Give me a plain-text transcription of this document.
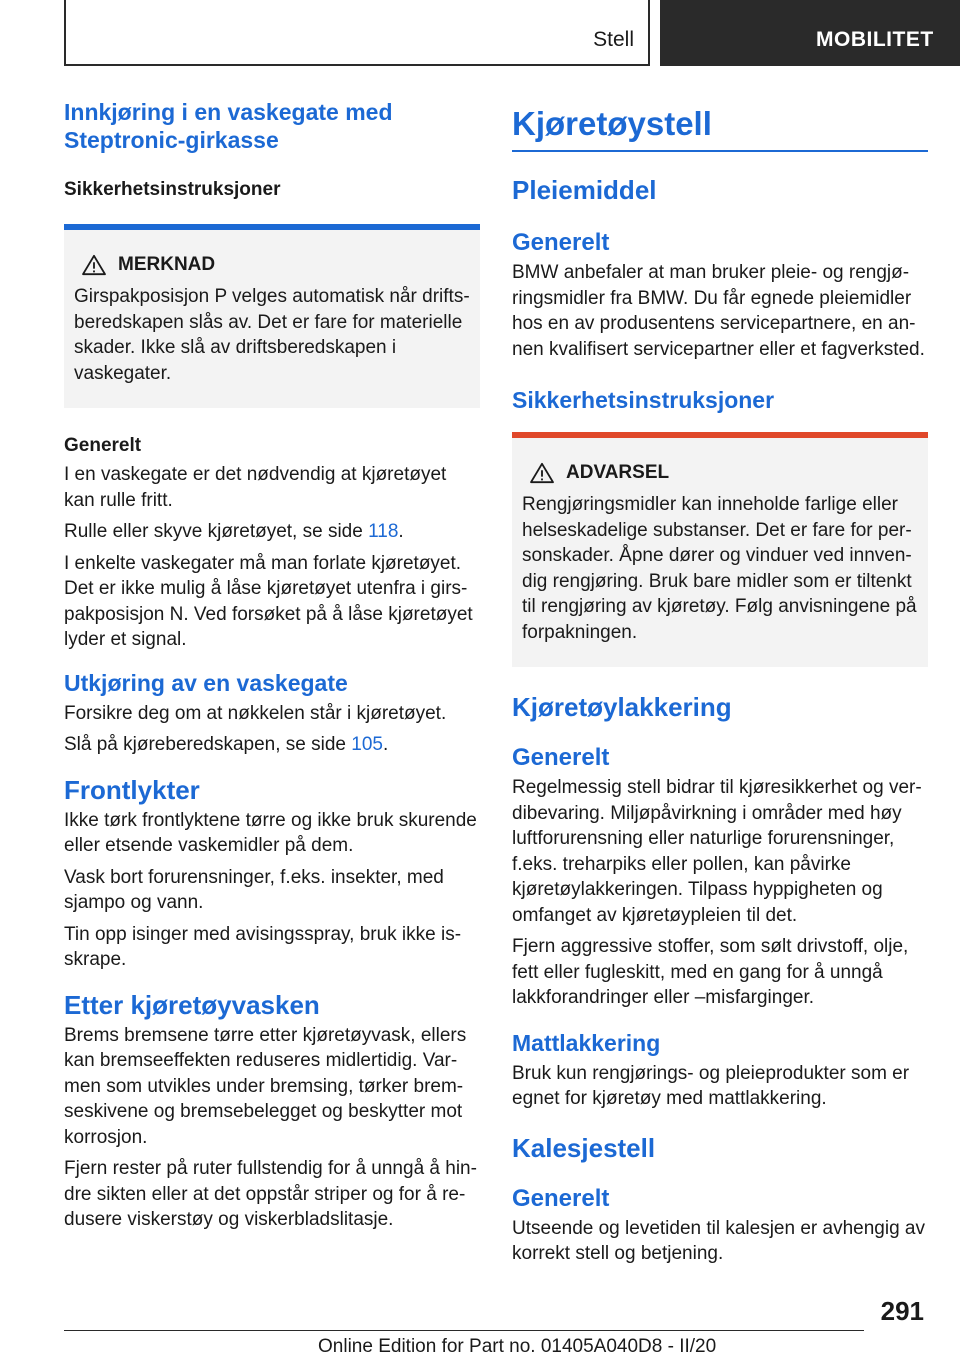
Stell	MOBILITET
Innkjøring i en vaskegate med Steptronic-girkasse
Sikkerhetsinstruksjoner
MERKNAD
Girspakposisjon P velges automatisk når driftsberedskapen slås av. Det er fare for materielle skader. Ikke slå av driftsberedskapen i vaskegater.
Generelt
I en vaskegate er det nødvendig at kjøretøyet kan rulle fritt.
Rulle eller skyve kjøretøyet, se side 118.
I enkelte vaskegater må man forlate kjøretøyet. Det er ikke mulig å låse kjøretøyet utenfra i girspakposisjon N. Ved forsøket på å låse kjøretøyet lyder et signal.
Utkjøring av en vaskegate
Forsikre deg om at nøkkelen står i kjøretøyet.
Slå på kjøreberedskapen, se side 105.
Frontlykter
Ikke tørk frontlyktene tørre og ikke bruk skurende eller etsende vaskemidler på dem.
Vask bort forurensninger, f.eks. insekter, med sjampo og vann.
Tin opp isinger med avisingsspray, bruk ikke isskrape.
Etter kjøretøyvasken
Brems bremsene tørre etter kjøretøyvask, ellers kan bremseeffekten reduseres midlertidig. Varmen som utvikles under bremsing, tørker bremseskivene og bremsebelegget og beskytter mot korrosjon.
Fjern rester på ruter fullstendig for å unngå å hindre sikten eller at det oppstår striper og for å redusere viskerstøy og viskerbladslitasje.
Kjøretøystell
Pleiemiddel
Generelt
BMW anbefaler at man bruker pleie- og rengjøringsmidler fra BMW. Du får egnede pleiemidler hos en av produsentens servicepartnere, en annen kvalifisert servicepartner eller et fagverksted.
Sikkerhetsinstruksjoner
ADVARSEL
Rengjøringsmidler kan inneholde farlige eller helseskadelige substanser. Det er fare for personskader. Åpne dører og vinduer ved innvendig rengjøring. Bruk bare midler som er tiltenkt til rengjøring av kjøretøy. Følg anvisningene på forpakningen.
Kjøretøylakkering
Generelt
Regelmessig stell bidrar til kjøresikkerhet og verdibevaring. Miljøpåvirkning i områder med høy luftforurensning eller naturlige forurensninger, f.eks. treharpiks eller pollen, kan påvirke kjøretøylakkeringen. Tilpass hyppigheten og omfanget av kjøretøypleien til det.
Fjern aggressive stoffer, som sølt drivstoff, olje, fett eller fugleskitt, med en gang for å unngå lakkforandringer eller –misfarginger.
Mattlakkering
Bruk kun rengjørings- og pleieprodukter som er egnet for kjøretøy med mattlakkering.
Kalesjestell
Generelt
Utseende og levetiden til kalesjen er avhengig av korrekt stell og betjening.
291
Online Edition for Part no. 01405A040D8 - II/20
